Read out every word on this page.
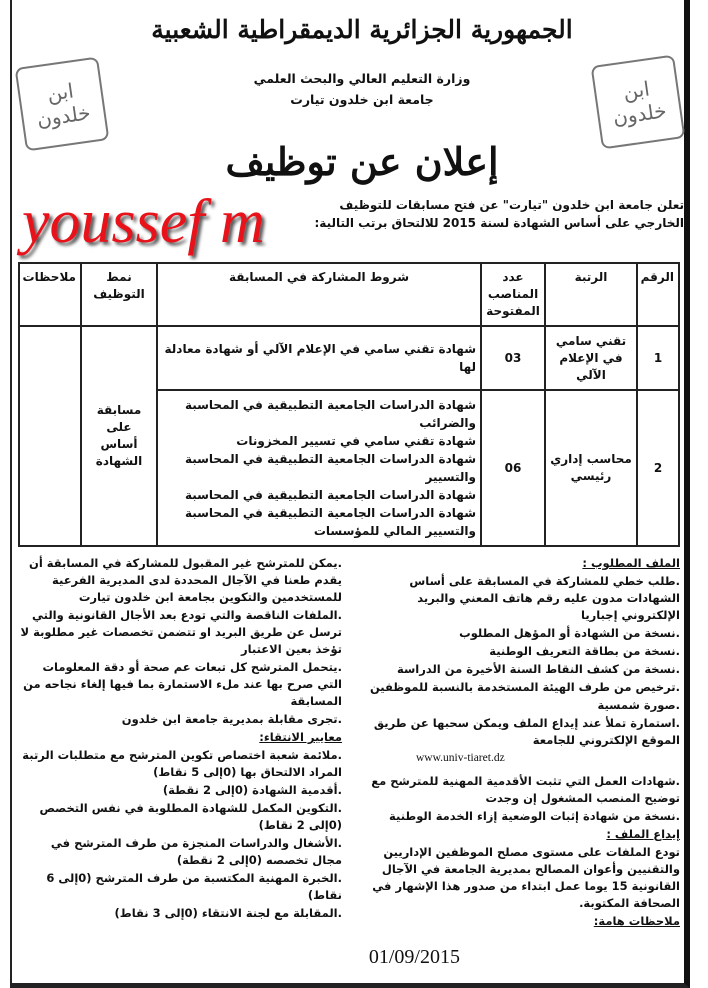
الجمهورية الجزائرية الديمقراطية الشعبية
وزارة التعليم العالي والبحث العلمي
جامعة ابن خلدون تيارت
ابن خلدون
ابن خلدون
إعلان عن توظيف
youssef m	تعلن جامعة ابن خلدون "تيارت" عن فتح مسابقات للتوظيف الخارجي على أساس الشهادة لسنة 2015 للالتحاق برتب التالية:
الرقم	الرتبة	عدد المناصب المفتوحة	شروط المشاركة في المسابقة	نمط التوظيف	ملاحظات
1	تقني سامي في الإعلام الآلي	03	شهادة تقني سامي في الإعلام الآلي أو شهادة معادلة لها	مسابقة على أساس الشهادة	
2	محاسب إداري رئيسي	06	شهادة الدراسات الجامعية التطبيقية في المحاسبة والضرائب
شهادة تقني سامي في تسيير المخزونات
شهادة الدراسات الجامعية التطبيقية في المحاسبة والتسيير
شهادة الدراسات الجامعية التطبيقية في المحاسبة
شهادة الدراسات الجامعية التطبيقية في المحاسبة والتسيير المالي للمؤسسات		

الملف المطلوب :

.طلب خطي للمشاركة في المسابقة على أساس الشهادات مدون عليه رقم هاتف المعني والبريد الإلكتروني إجباريا

.نسخة من الشهادة أو المؤهل المطلوب

.نسخة من بطاقة التعريف الوطنية

.نسخة من كشف النقاط السنة الأخيرة من الدراسة

.ترخيص من طرف الهيئة المستخدمة بالنسبة للموظفين

.صورة شمسية

.استمارة تملأ عند إيداع الملف ويمكن سحبها عن طريق الموقع الإلكتروني للجامعة

www.univ-tiaret.dz

.شهادات العمل التي تثبت الأقدمية المهنية للمترشح مع توضيح المنصب المشغول إن وجدت

.نسخة من شهادة إثبات الوضعية إزاء الخدمة الوطنية

إيداع الملف :

تودع الملفات على مستوى مصلح الموظفين الإداريين والتقنيين وأعوان المصالح بمديرية الجامعة في الآجال القانونية 15 يوما عمل ابتداء من صدور هذا الإشهار في الصحافة المكتوبة.

ملاحظات هامة:

.يمكن للمترشح غير المقبول للمشاركة في المسابقة أن يقدم طعنا في الآجال المحددة لدى المديرية الفرعية للمستخدمين والتكوين بجامعة ابن خلدون تيارت

.الملفات الناقصة والتي تودع بعد الأجال القانونية والتي ترسل عن طريق البريد او تتضمن تخصصات غير مطلوبة لا تؤخذ بعين الاعتبار

.يتحمل المترشح كل تبعات عم صحة أو دقة المعلومات التي صرح بها عند ملء الاستمارة بما فيها إلغاء نجاحه من المسابقة

.تجرى مقابلة بمديرية جامعة ابن خلدون

معايير الانتقاء:

.ملائمة شعبة اختصاص تكوين المترشح مع متطلبات الرتبة المراد الالتحاق بها (0إلى 5 نقاط)

.أقدمية الشهادة (0إلى 2 نقطة)

.التكوين المكمل للشهادة المطلوبة في نفس التخصص (0إلى 2 نقاط)

.الأشغال والدراسات المنجزة من طرف المترشح في مجال تخصصه (0إلى 2 نقطة)

.الخبرة المهنية المكتسبة من طرف المترشح (0إلى 6 نقاط)

.المقابلة مع لجنة الانتقاء (0إلى 3 نقاط)

01/09/2015
